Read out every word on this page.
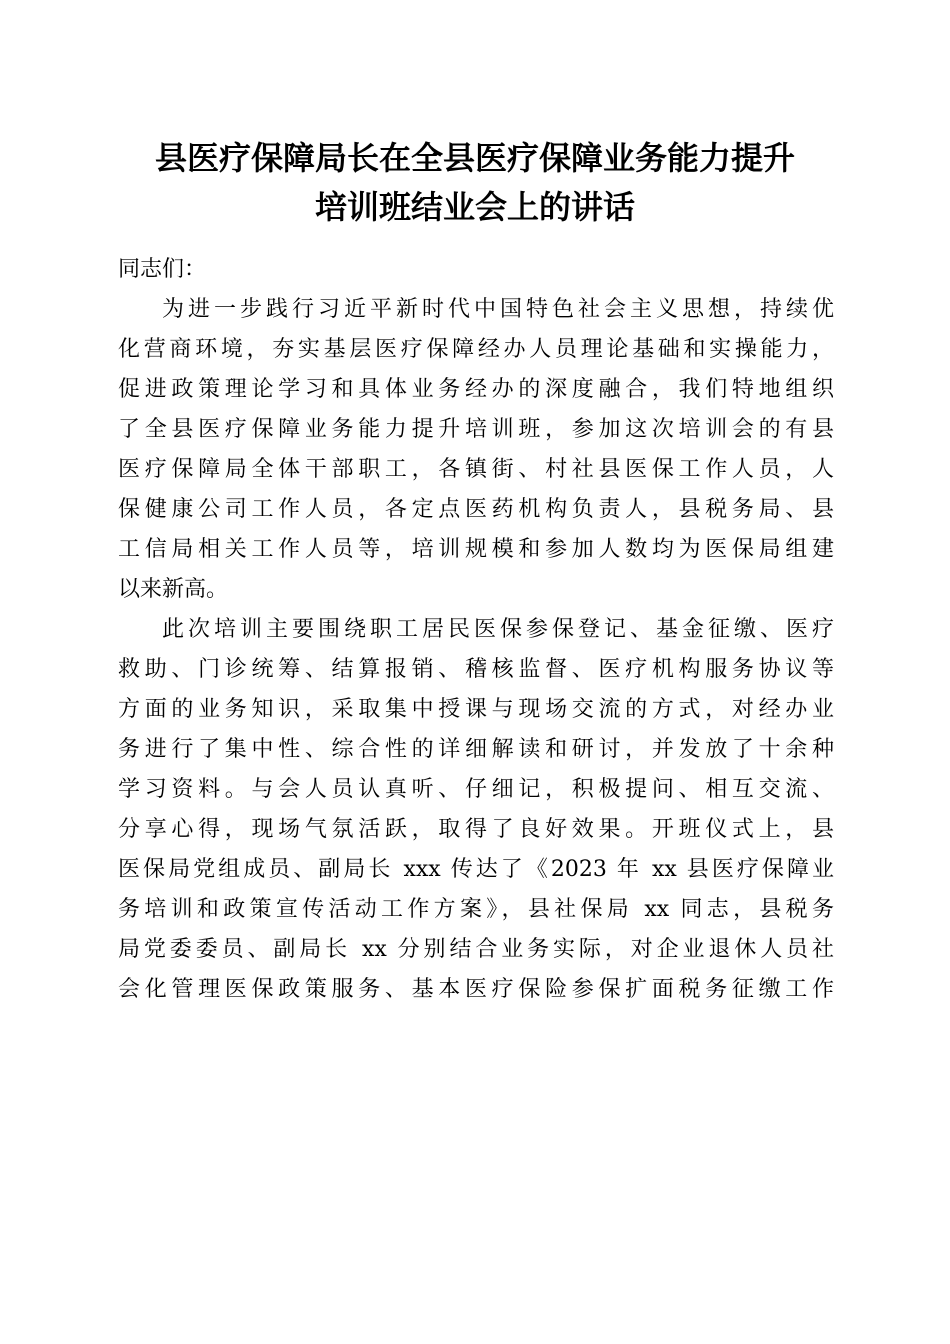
县医疗保障局长在全县医疗保障业务能力提升
培训班结业会上的讲话
同志们：
为进一步践行习近平新时代中国特色社会主义思想，持续优
化营商环境，夯实基层医疗保障经办人员理论基础和实操能力，
促进政策理论学习和具体业务经办的深度融合，我们特地组织
了全县医疗保障业务能力提升培训班，参加这次培训会的有县
医疗保障局全体干部职工，各镇街、村社县医保工作人员，人
保健康公司工作人员，各定点医药机构负责人，县税务局、县
工信局相关工作人员等，培训规模和参加人数均为医保局组建
以来新高。
此次培训主要围绕职工居民医保参保登记、基金征缴、医疗
救助、门诊统筹、结算报销、稽核监督、医疗机构服务协议等
方面的业务知识，采取集中授课与现场交流的方式，对经办业
务进行了集中性、综合性的详细解读和研讨，并发放了十余种
学习资料。与会人员认真听、仔细记，积极提问、相互交流、
分享心得，现场气氛活跃，取得了良好效果。开班仪式上，县
医保局党组成员、副局长 xxx 传达了《2023 年 xx 县医疗保障业
务培训和政策宣传活动工作方案》，县社保局 xx 同志，县税务
局党委委员、副局长 xx 分别结合业务实际，对企业退休人员社
会化管理医保政策服务、基本医疗保险参保扩面税务征缴工作
